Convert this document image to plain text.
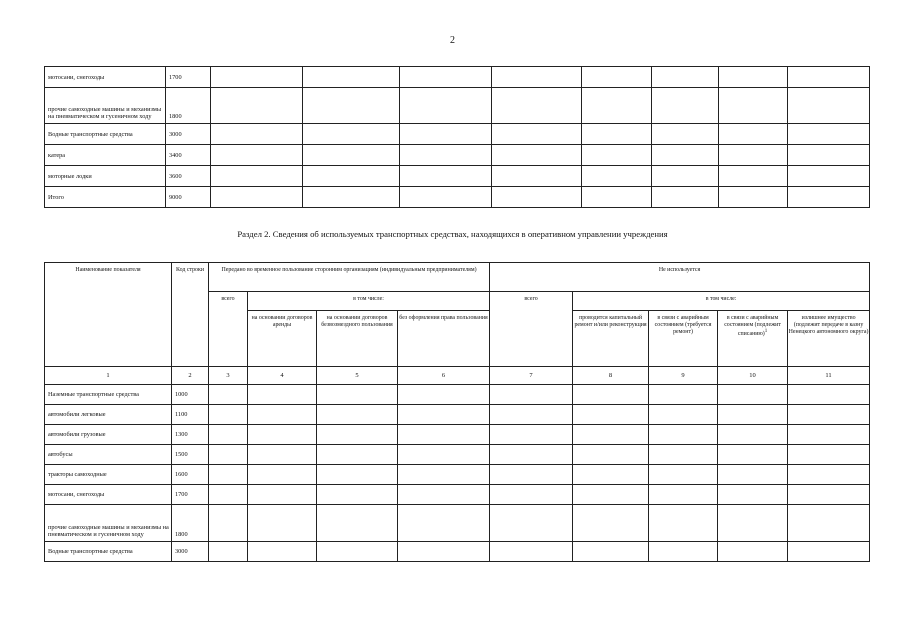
2
мотосани, снегоходы	1700								
прочие самоходные машины и механизмы на пневматическом и гусеничном ходу	1800								
Водные транспортные средства	3000								
катера	3400								
моторные лодки	3600								
Итого	9000								
Раздел 2. Сведения об используемых транспортных средствах, находящихся в оперативном управлении учреждения
Наименование показателя	Код строки	Передано во временное пользование сторонним организациям (индивидуальным предпринимателям)				Не используется				
		всего	в том числе:			всего	в том числе:			
			на основании договоров аренды	на основании договоров безвозмездного пользования	без оформления права пользования		проводится капитальный ремонт и/или реконструкция	в связи с аварийным состоянием (требуется ремонт)	в связи с аварийным состоянием (подлежит списанию)$^1$	излишнее имущество (подлежит передаче в казну Ненецкого автономного округа)
1	2	3	4	5	6	7	8	9	10	11
Наземные транспортные средства	1000									
автомобили легковые	1100									
автомобили грузовые	1300									
автобусы	1500									
тракторы самоходные	1600									
мотосани, снегоходы	1700									
прочие самоходные машины и механизмы на пневматическом и гусеничном ходу	1800									
Водные транспортные средства	3000									
